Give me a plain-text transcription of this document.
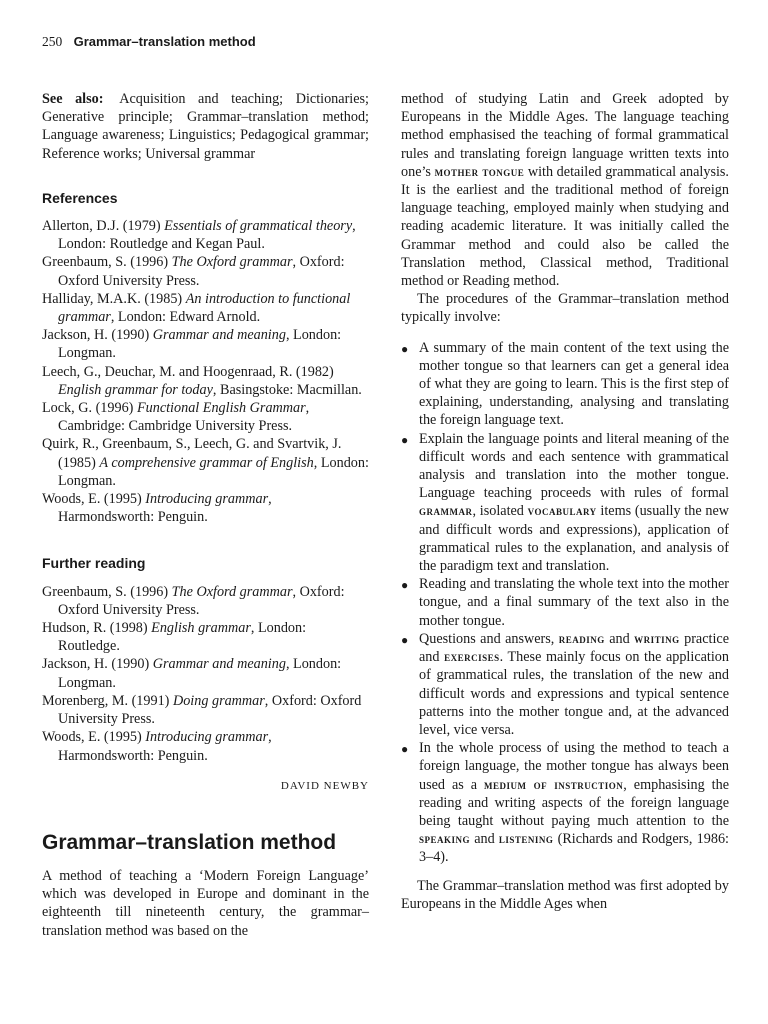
250 Grammar–translation method

See also: Acquisition and teaching; Dictionaries; Generative principle; Grammar–translation method; Language awareness; Linguistics; Pedagogical grammar; Reference works; Universal grammar

References
Allerton, D.J. (1979) Essentials of grammatical theory, London: Routledge and Kegan Paul.
Greenbaum, S. (1996) The Oxford grammar, Oxford: Oxford University Press.
Halliday, M.A.K. (1985) An introduction to functional grammar, London: Edward Arnold.
Jackson, H. (1990) Grammar and meaning, London: Longman.
Leech, G., Deuchar, M. and Hoogenraad, R. (1982) English grammar for today, Basingstoke: Macmillan.
Lock, G. (1996) Functional English Grammar, Cambridge: Cambridge University Press.
Quirk, R., Greenbaum, S., Leech, G. and Svartvik, J. (1985) A comprehensive grammar of English, London: Longman.
Woods, E. (1995) Introducing grammar, Harmondsworth: Penguin.
Further reading
Greenbaum, S. (1996) The Oxford grammar, Oxford: Oxford University Press.
Hudson, R. (1998) English grammar, London: Routledge.
Jackson, H. (1990) Grammar and meaning, London: Longman.
Morenberg, M. (1991) Doing grammar, Oxford: Oxford University Press.
Woods, E. (1995) Introducing grammar, Harmondsworth: Penguin.
DAVID NEWBY
Grammar–translation method

A method of teaching a ‘Modern Foreign Language’ which was developed in Europe and dominant in the eighteenth till nineteenth century, the grammar–translation method was based on the

method of studying Latin and Greek adopted by Europeans in the Middle Ages. The language teaching method emphasised the teaching of formal grammatical rules and translating foreign language written texts into one’s mother tongue with detailed grammatical analysis. It is the earliest and the traditional method of foreign language teaching, employed mainly when studying and reading academic literature. It was initially called the Grammar method and could also be called the Translation method, Classical method, Traditional method or Reading method.

The procedures of the Grammar–translation method typically involve:

● A summary of the main content of the text using the mother tongue so that learners can get a general idea of what they are going to learn. This is the first step of explaining, understanding, analysing and translating the foreign language text.
● Explain the language points and literal meaning of the difficult words and each sentence with grammatical analysis and translation into the mother tongue. Language teaching proceeds with rules of formal grammar, isolated vocabulary items (usually the new and difficult words and expressions), application of grammatical rules to the explanation, and analysis of the paradigm text and translation.
● Reading and translating the whole text into the mother tongue, and a final summary of the text also in the mother tongue.
● Questions and answers, reading and writing practice and exercises. These mainly focus on the application of grammatical rules, the translation of the new and difficult words and expressions and typical sentence patterns into the mother tongue and, at the advanced level, vice versa.
● In the whole process of using the method to teach a foreign language, the mother tongue has always been used as a medium of instruction, emphasising the reading and writing aspects of the foreign language being taught without paying much attention to the speaking and listening (Richards and Rodgers, 1986: 3–4).

The Grammar–translation method was first adopted by Europeans in the Middle Ages when
